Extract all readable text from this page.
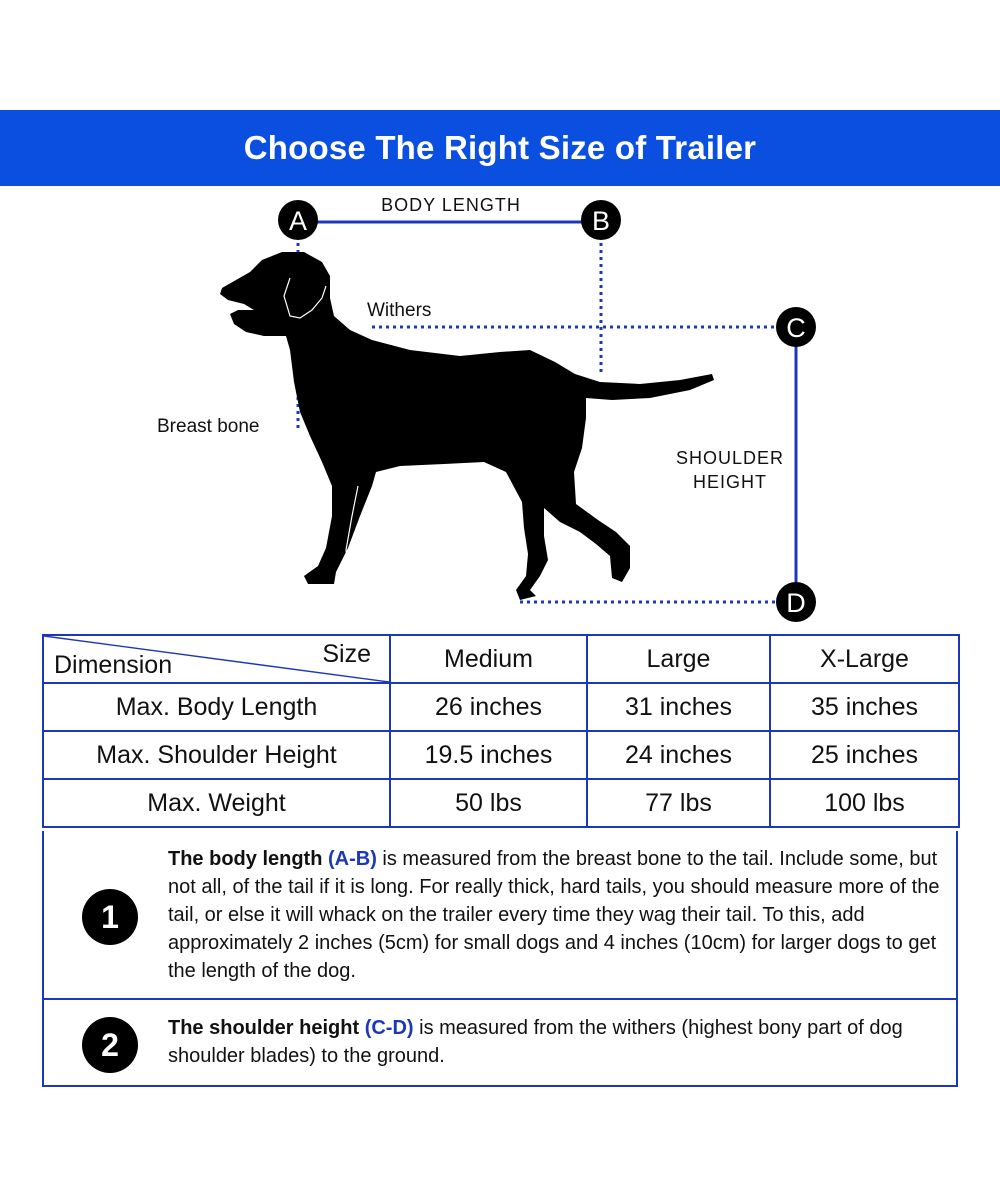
Choose The Right Size of Trailer
A	B
C
D
BODY LENGTH
Withers
Breast bone
SHOULDER
HEIGHT
Size
Dimension	Medium	Large	X-Large
Max. Body Length	26 inches	31 inches	35 inches
Max. Shoulder Height	19.5 inches	24 inches	25 inches
Max. Weight	50 lbs	77 lbs	100 lbs
1
The body length (A-B) is measured from the breast bone to the tail. Include some, but not all, of the tail if it is long. For really thick, hard tails, you should measure more of the tail, or else it will whack on the trailer every time they wag their tail. To this, add approximately 2 inches (5cm) for small dogs and 4 inches (10cm) for larger dogs to get the length of the dog.
2	The shoulder height (C-D) is measured from the withers (highest bony part of dog shoulder blades) to the ground.
